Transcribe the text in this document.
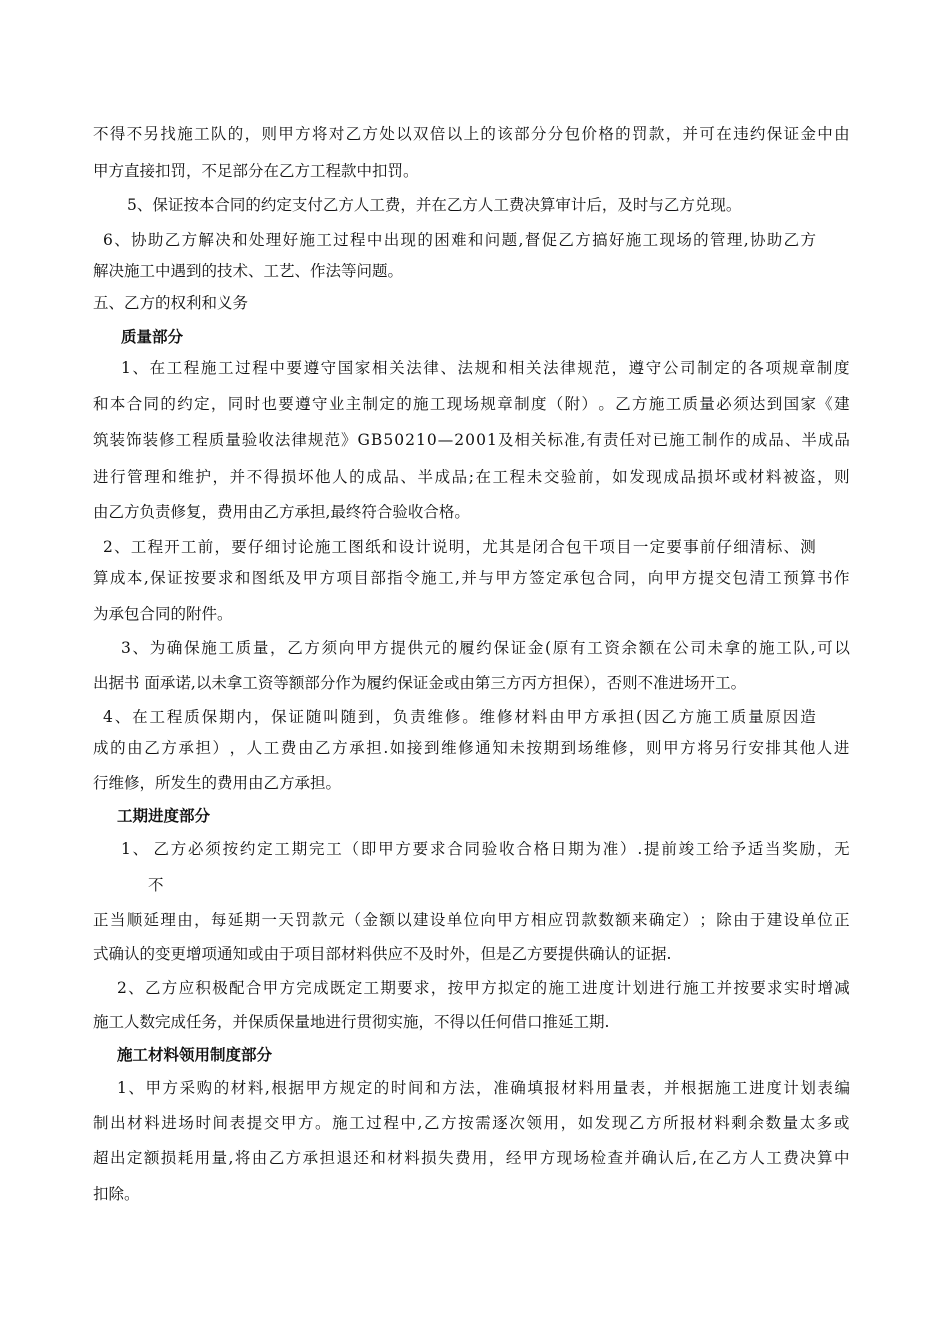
不 得 不 另 找 施 工 队 的 ， 则 甲 方 将 对 乙 方 处 以 双 倍 以 上 的 该 部 分 分 包 价 格 的 罚 款 ， 并 可 在 违 约 保 证 金 中 由
甲方直接扣罚，不足部分在乙方工程款中扣罚。
5、保证按本合同的约定支付乙方人工费，并在乙方人工费决算审计后，及时与乙方兑现。
6 、 协 助 乙 方 解 决 和 处 理 好 施 工 过 程 中 出 现 的 困 难 和 问 题 , 督 促 乙 方 搞 好 施 工 现 场 的 管 理 , 协 助 乙 方
解决施工中遇到的技术、工艺、作法等问题。
五、乙方的权利和义务
质量部分
1 、 在 工 程 施 工 过 程 中 要 遵 守 国 家 相 关 法 律 、 法 规 和 相 关 法 律 规 范 ， 遵 守 公 司 制 定 的 各 项 规 章 制 度
和 本 合 同 的 约 定 ， 同 时 也 要 遵 守 业 主 制 定 的 施 工 现 场 规 章 制 度 （ 附 ） 。 乙 方 施 工 质 量 必 须 达 到 国 家 《 建
筑 装 饰 装 修 工 程 质 量 验 收 法 律 规 范 》 G B 5 0 2 1 0 — 2 0 0 1 及 相 关 标 准 , 有 责 任 对 已 施 工 制 作 的 成 品 、 半 成 品
进 行 管 理 和 维 护 ， 并 不 得 损 坏 他 人 的 成 品 、 半 成 品 ; 在 工 程 未 交 验 前 ， 如 发 现 成 品 损 坏 或 材 料 被 盗 ， 则
由乙方负责修复，费用由乙方承担,最终符合验收合格。
2 、 工 程 开 工 前 ， 要 仔 细 讨 论 施 工 图 纸 和 设 计 说 明 ， 尤 其 是 闭 合 包 干 项 目 一 定 要 事 前 仔 细 清 标 、 测
算 成 本 , 保 证 按 要 求 和 图 纸 及 甲 方 项 目 部 指 令 施 工 , 并 与 甲 方 签 定 承 包 合 同 ， 向 甲 方 提 交 包 清 工 预 算 书 作
为承包合同的附件。
3 、 为 确 保 施 工 质 量 ， 乙 方 须 向 甲 方 提 供 元 的 履 约 保 证 金 ( 原 有 工 资 余 额 在 公 司 未 拿 的 施 工 队 , 可 以
出据书 面承诺,以未拿工资等额部分作为履约保证金或由第三方丙方担保），否则不准进场开工。
4 、 在 工 程 质 保 期 内 ， 保 证 随 叫 随 到 ， 负 责 维 修 。 维 修 材 料 由 甲 方 承 担 ( 因 乙 方 施 工 质 量 原 因 造
成 的 由 乙 方 承 担 ） ， 人 工 费 由 乙 方 承 担 . 如 接 到 维 修 通 知 未 按 期 到 场 维 修 ， 则 甲 方 将 另 行 安 排 其 他 人 进
行维修，所发生的费用由乙方承担。
工期进度部分
1 、 乙 方 必 须 按 约 定 工 期 完 工 （ 即 甲 方 要 求 合 同 验 收 合 格 日 期 为 准 ） . 提 前 竣 工 给 予 适 当 奖 励 ， 无
不
正 当 顺 延 理 由 ， 每 延 期 一 天 罚 款 元 （ 金 额 以 建 设 单 位 向 甲 方 相 应 罚 款 数 额 来 确 定 ） ； 除 由 于 建 设 单 位 正
式确认的变更增项通知或由于项目部材料供应不及时外，但是乙方要提供确认的证据.
2 、 乙 方 应 积 极 配 合 甲 方 完 成 既 定 工 期 要 求 ， 按 甲 方 拟 定 的 施 工 进 度 计 划 进 行 施 工 并 按 要 求 实 时 增 减
施工人数完成任务，并保质保量地进行贯彻实施，不得以任何借口推延工期.
施工材料领用制度部分
1 、 甲 方 采 购 的 材 料 , 根 据 甲 方 规 定 的 时 间 和 方 法 ， 准 确 填 报 材 料 用 量 表 ， 并 根 据 施 工 进 度 计 划 表 编
制 出 材 料 进 场 时 间 表 提 交 甲 方 。 施 工 过 程 中 , 乙 方 按 需 逐 次 领 用 ， 如 发 现 乙 方 所 报 材 料 剩 余 数 量 太 多 或
超 出 定 额 损 耗 用 量 , 将 由 乙 方 承 担 退 还 和 材 料 损 失 费 用 ， 经 甲 方 现 场 检 查 并 确 认 后 , 在 乙 方 人 工 费 决 算 中
扣除。
